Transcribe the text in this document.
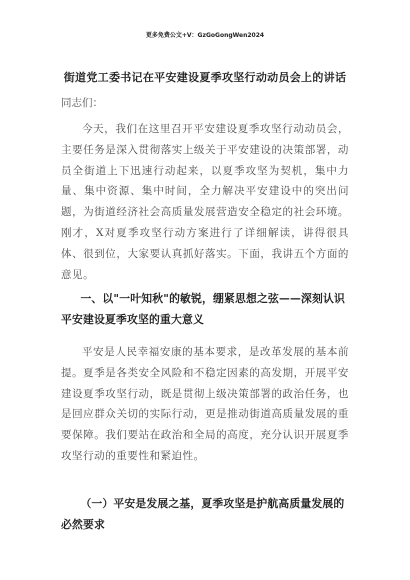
更多免费公文+V：GzGoGongWen2024
街道党工委书记在平安建设夏季攻坚行动动员会上的讲话
同志们：

今天，我们在这里召开平安建设夏季攻坚行动动员会，主要任务是深入贯彻落实上级关于平安建设的决策部署，动员全街道上下迅速行动起来，以夏季攻坚为契机，集中力量、集中资源、集中时间，全力解决平安建设中的突出问题，为街道经济社会高质量发展营造安全稳定的社会环境。刚才，X对夏季攻坚行动方案进行了详细解读，讲得很具体、很到位，大家要认真抓好落实。下面，我讲五个方面的意见。

一、以"一叶知秋"的敏锐，绷紧思想之弦——深刻认识平安建设夏季攻坚的重大意义

平安是人民幸福安康的基本要求，是改革发展的基本前提。夏季是各类安全风险和不稳定因素的高发期，开展平安建设夏季攻坚行动，既是贯彻上级决策部署的政治任务，也是回应群众关切的实际行动，更是推动街道高质量发展的重要保障。我们要站在政治和全局的高度，充分认识开展夏季攻坚行动的重要性和紧迫性。

（一）平安是发展之基，夏季攻坚是护航高质量发展的必然要求
